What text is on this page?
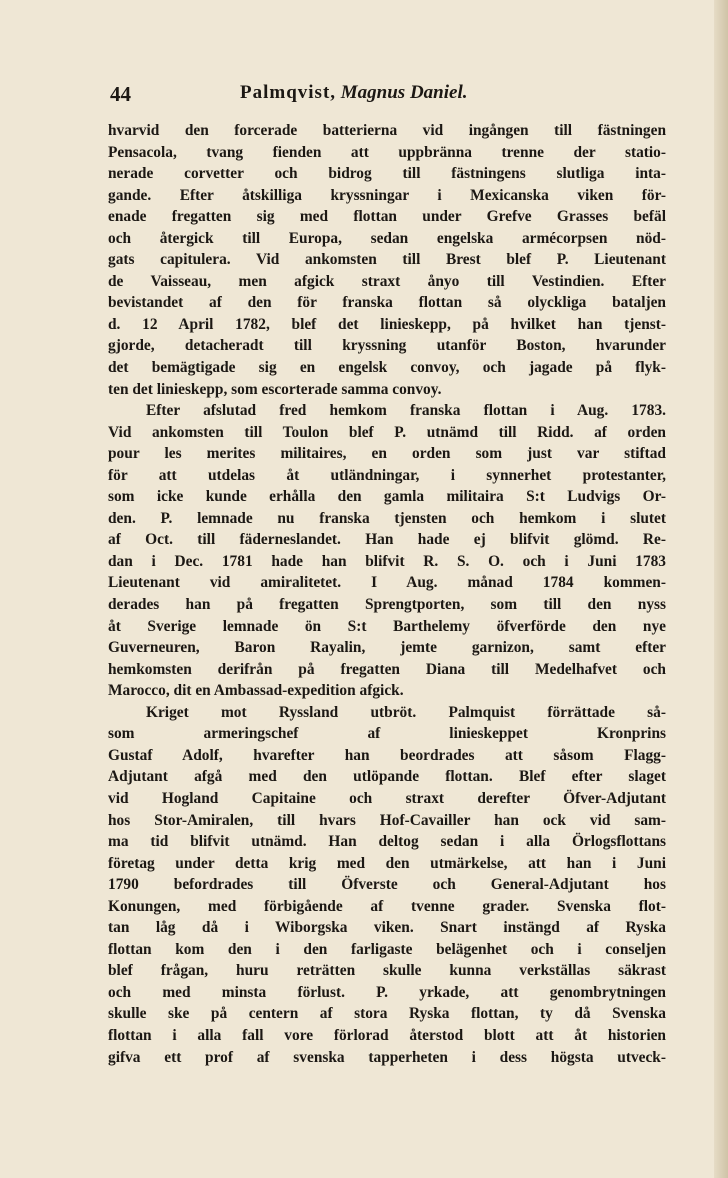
44	Palmqvist, Magnus Daniel.
hvarvid den forcerade batterierna vid ingången till fästningen
Pensacola, tvang fienden att uppbränna trenne der statio-
nerade corvetter och bidrog till fästningens slutliga inta-
gande. Efter åtskilliga kryssningar i Mexicanska viken för-
enade fregatten sig med flottan under Grefve Grasses befäl
och återgick till Europa, sedan engelska armécorpsen nöd-
gats capitulera. Vid ankomsten till Brest blef P. Lieutenant
de Vaisseau, men afgick straxt ånyo till Vestindien. Efter
bevistandet af den för franska flottan så olyckliga bataljen
d. 12 April 1782, blef det linieskepp, på hvilket han tjenst-
gjorde, detacheradt till kryssning utanför Boston, hvarunder
det bemägtigade sig en engelsk convoy, och jagade på flyk-
ten det linieskepp, som escorterade samma convoy.
Efter afslutad fred hemkom franska flottan i Aug. 1783.
Vid ankomsten till Toulon blef P. utnämd till Ridd. af orden
pour les merites militaires, en orden som just var stiftad
för att utdelas åt utländningar, i synnerhet protestanter,
som icke kunde erhålla den gamla militaira S:t Ludvigs Or-
den. P. lemnade nu franska tjensten och hemkom i slutet
af Oct. till fäderneslandet. Han hade ej blifvit glömd. Re-
dan i Dec. 1781 hade han blifvit R. S. O. och i Juni 1783
Lieutenant vid amiralitetet. I Aug. månad 1784 kommen-
derades han på fregatten Sprengtporten, som till den nyss
åt Sverige lemnade ön S:t Barthelemy öfverförde den nye
Guverneuren, Baron Rayalin, jemte garnizon, samt efter
hemkomsten derifrån på fregatten Diana till Medelhafvet och
Marocco, dit en Ambassad-expedition afgick.
Kriget mot Ryssland utbröt. Palmquist förrättade så-
som armeringschef af linieskeppet Kronprins
Gustaf Adolf, hvarefter han beordrades att såsom Flagg-
Adjutant afgå med den utlöpande flottan. Blef efter slaget
vid Hogland Capitaine och straxt derefter Öfver-Adjutant
hos Stor-Amiralen, till hvars Hof-Cavailler han ock vid sam-
ma tid blifvit utnämd. Han deltog sedan i alla Örlogsflottans
företag under detta krig med den utmärkelse, att han i Juni
1790 befordrades till Öfverste och General-Adjutant hos
Konungen, med förbigående af tvenne grader. Svenska flot-
tan låg då i Wiborgska viken. Snart instängd af Ryska
flottan kom den i den farligaste belägenhet och i conseljen
blef frågan, huru reträtten skulle kunna verkställas säkrast
och med minsta förlust. P. yrkade, att genombrytningen
skulle ske på centern af stora Ryska flottan, ty då Svenska
flottan i alla fall vore förlorad återstod blott att åt historien
gifva ett prof af svenska tapperheten i dess högsta utveck-
